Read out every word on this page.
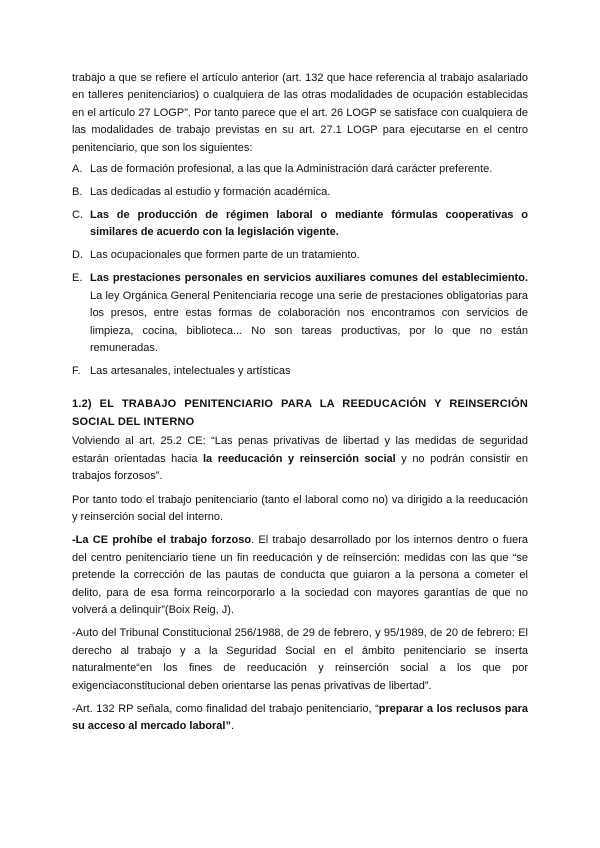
trabajo a que se refiere el artículo anterior (art. 132 que hace referencia al trabajo asalariado en talleres penitenciarios) o cualquiera de las otras modalidades de ocupación establecidas en el artículo 27 LOGP”. Por tanto parece que el art. 26 LOGP se satisface con cualquiera de las modalidades de trabajo previstas en su art. 27.1 LOGP para ejecutarse en el centro penitenciario, que son los siguientes:

A. Las de formación profesional, a las que la Administración dará carácter preferente.
B. Las dedicadas al estudio y formación académica.
C. Las de producción de régimen laboral o mediante fórmulas cooperativas o similares de acuerdo con la legislación vigente.
D. Las ocupacionales que formen parte de un tratamiento.
E. Las prestaciones personales en servicios auxiliares comunes del establecimiento. La ley Orgánica General Penitenciaria recoge una serie de prestaciones obligatorias para los presos, entre estas formas de colaboración nos encontramos con servicios de limpieza, cocina, biblioteca... No son tareas productivas, por lo que no están remuneradas.
F. Las artesanales, intelectuales y artísticas
1.2) EL TRABAJO PENITENCIARIO PARA LA REEDUCACIÓN Y REINSERCIÓN SOCIAL DEL INTERNO

Volviendo al art. 25.2 CE: “Las penas privativas de libertad y las medidas de seguridad estarán orientadas hacia la reeducación y reinserción social y no podrán consistir en trabajos forzosos”.

Por tanto todo el trabajo penitenciario (tanto el laboral como no) va dirigido a la reeducación y reinserción social del interno.

-La CE prohíbe el trabajo forzoso. El trabajo desarrollado por los internos dentro o fuera del centro penitenciario tiene un fin reeducación y de reinserción: medidas con las que “se pretende la corrección de las pautas de conducta que guiaron a la persona a cometer el delito, para de esa forma reincorporarlo a la sociedad con mayores garantías de que no volverá a delinquir”(Boix Reig, J).

-Auto del Tribunal Constitucional 256/1988, de 29 de febrero, y 95/1989, de 20 de febrero: El derecho al trabajo y a la Seguridad Social en el ámbito penitenciario se inserta naturalmente“en los fines de reeducación y reinserción social a los que por exigenciaconstitucional deben orientarse las penas privativas de libertad”.

-Art. 132 RP señala, como finalidad del trabajo penitenciario, “preparar a los reclusos para su acceso al mercado laboral”.
